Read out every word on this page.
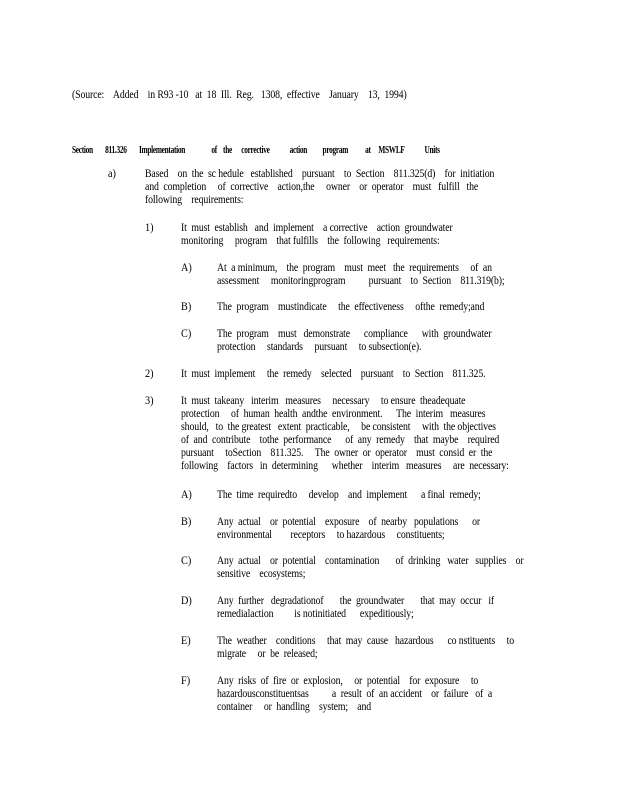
(Source:    Added    in R93 -10   at  18  Ill.  Reg.   1308,  effective    January    13,  1994)
Section        811.326        Implementation                 of    the      corrective             action          program           at     MSWLF             Units
a)	Based    on  the  sc hedule   established    pursuant    to  Section    811.325(d)    for  initiation
and  completion     of  corrective    action,the     owner    or  operator    must   fulfill   the
following    requirements:
1) It  must  establish   and  implement    a corrective    action  groundwater
monitoring     program    that fulfills    the  following   requirements:
A) At  a minimum,    the  program    must  meet   the  requirements     of  an
assessment     monitoringprogram          pursuant    to  Section    811.319(b);
B) The  program    mustindicate     the  effectiveness     ofthe  remedy;and
C) The  program    must   demonstrate      compliance      with  groundwater
protection     standards     pursuant     to subsection(e).
2) It  must  implement     the  remedy    selected    pursuant    to  Section    811.325.
3) It  must  takeany   interim   measures     necessary     to ensure  theadequate
protection     of  human  health  andthe  environment.      The  interim   measures
should,   to  the greatest   extent  practicable,     be consistent     with  the objectives
of  and  contribute    tothe  performance      of  any  remedy    that  maybe    required
pursuant     toSection    811.325.     The  owner  or  operator    must  consid  er  the
following    factors   in  determining      whether    interim   measures     are  necessary:
A) The  time  requiredto     develop    and  implement      a final  remedy;
B) Any  actual    or  potential    exposure    of  nearby   populations      or
environmental        receptors     to hazardous     constituents;
C) Any  actual    or  potential    contamination       of  drinking   water   supplies    or
sensitive    ecosystems;
D) Any  further   degradationof       the  groundwater       that  may  occur   if
remedialaction         is notinitiated      expeditiously;
E) The  weather    conditions     that  may  cause   hazardous      co nstituents     to
migrate     or  be  released;
F) Any  risks  of  fire  or  explosion,     or  potential    for  exposure     to
hazardousconstituentsas          a  result  of  an accident    or  failure   of  a
container     or  handling    system;    and
